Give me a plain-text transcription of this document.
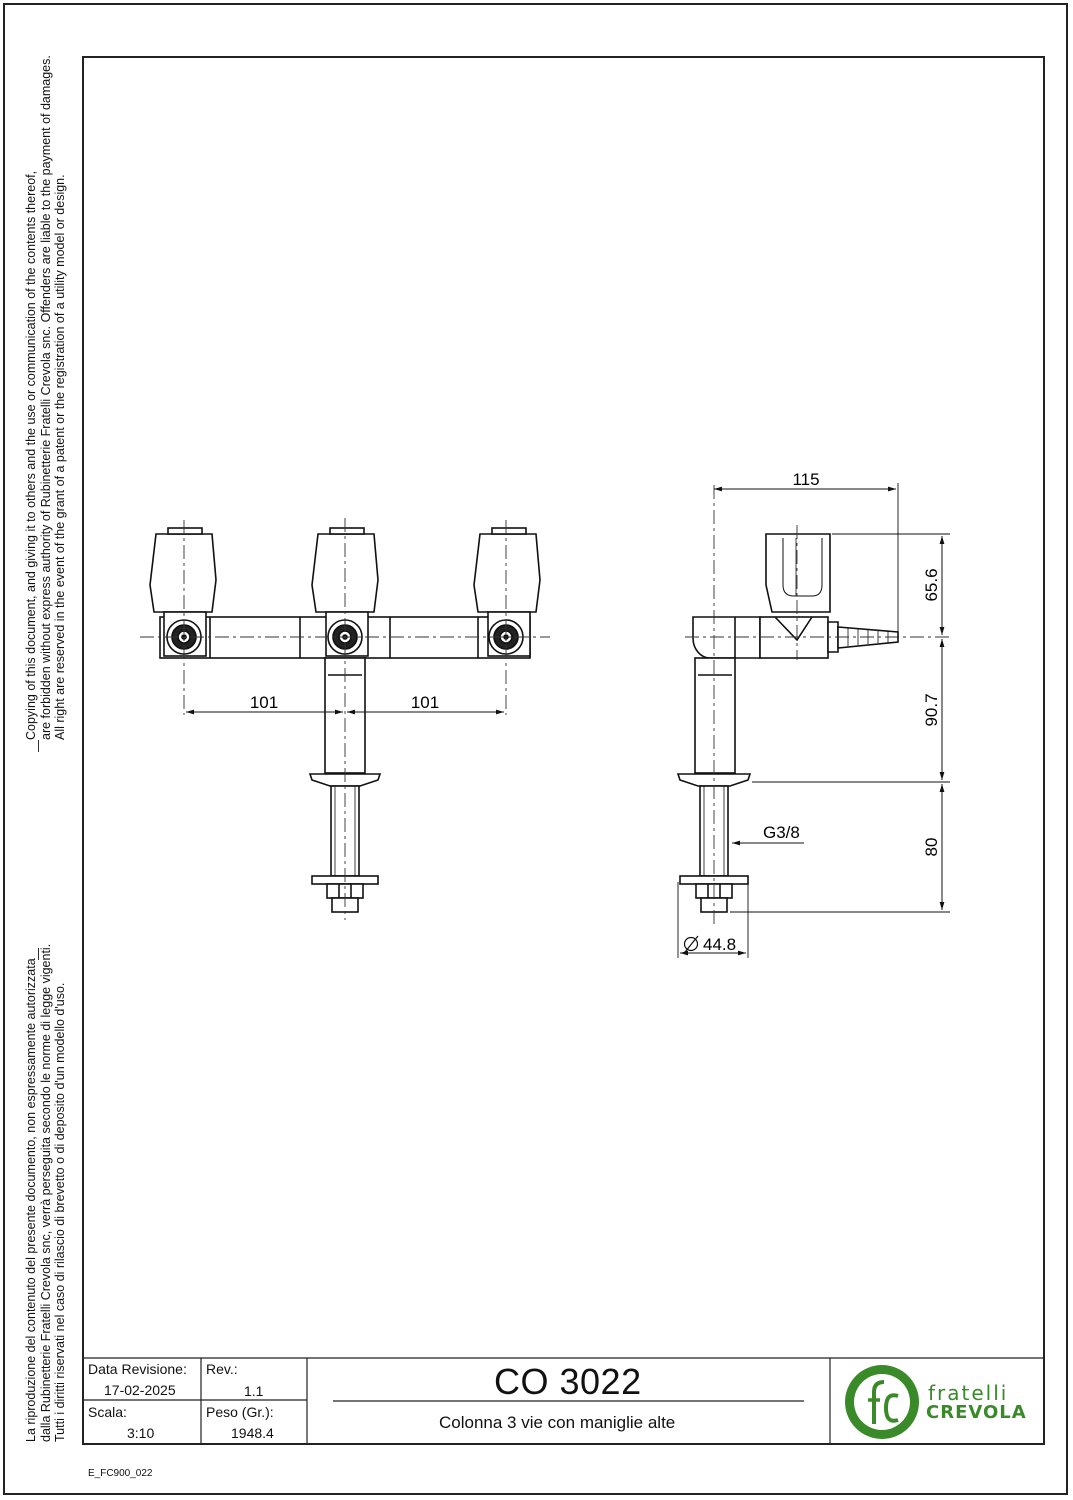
Copying of this document, and giving it to others and the use or communication of the contents thereof, are forbidden without express authority of Rubinetterie Fratelli Crevola snc. Offenders are liable to the payment of damages. All right are reserved in the event of the grant of a patent or the registration of a utility model or design.
La riproduzione del contenuto del presente documento, non espressamente autorizzata dalla Rubinetterie Fratelli Crevola snc, verrà perseguita secondo le norme di legge vigenti. Tutti i diritti riservati nel caso di rilascio di brevetto o di deposito d'un modello d'uso.
101	101
115
65.6
90.7
80
G3/8
44.8
Data Revisione:
17-02-2025
Rev.:
1.1
Scala:
3:10
Peso (Gr.):
1948.4
CO 3022
Colonna 3 vie con maniglie alte
fratelli
CREVOLA
E_FC900_022
